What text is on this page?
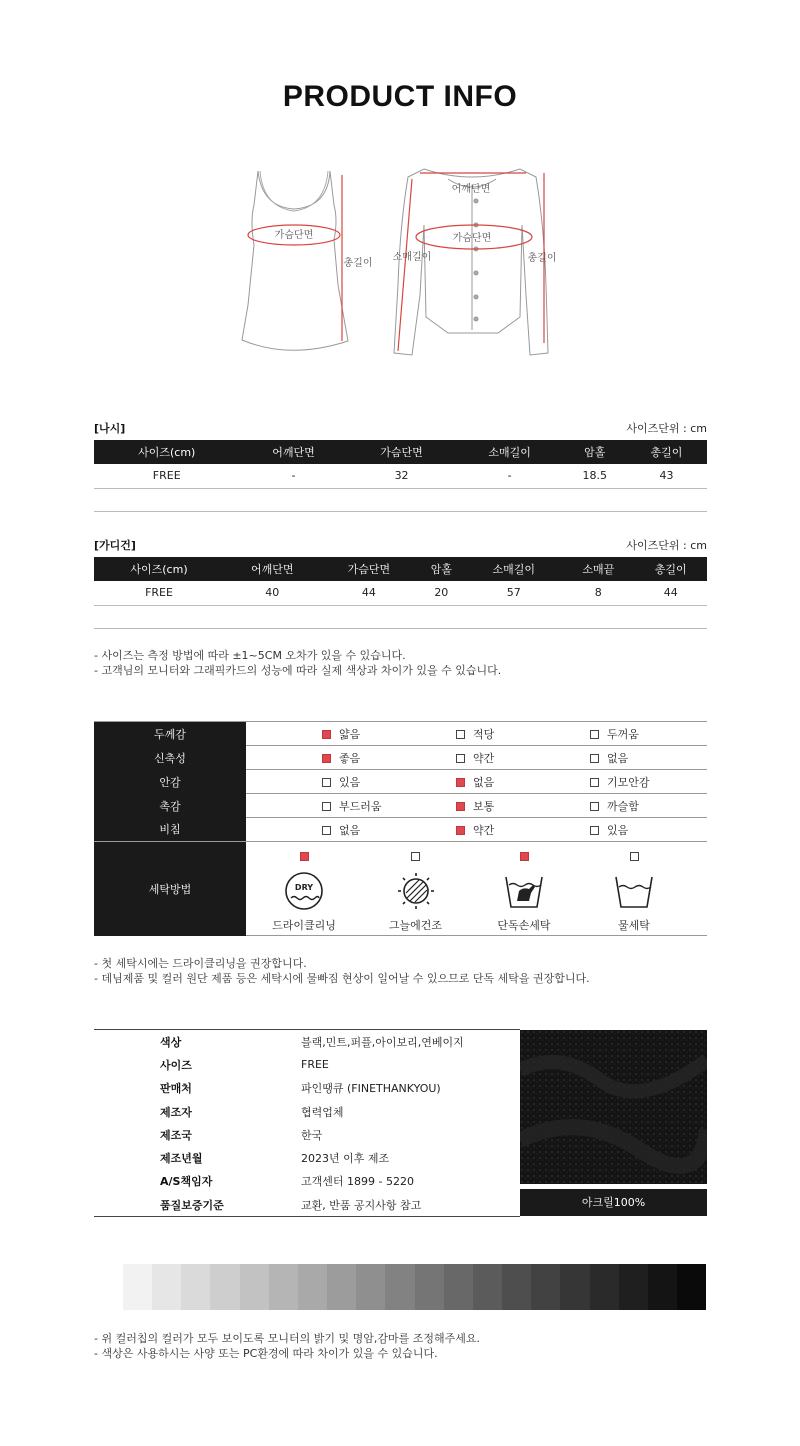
PRODUCT INFO
가슴단면
총길이
어깨단면
가슴단면
소매길이	총길이
[나시]	사이즈단위 : cm
사이즈(cm)	어깨단면	가슴단면	소매길이	암홀	총길이
FREE	-	32	-	18.5	43

[가디건]	사이즈단위 : cm
사이즈(cm)	어깨단면	가슴단면	암홀	소매길이	소매끝	총길이
FREE	40	44	20	57	8	44

- 사이즈는 측정 방법에 따라 ±1~5CM 오차가 있을 수 있습니다.
- 고객님의 모니터와 그래픽카드의 성능에 따라 실제 색상과 차이가 있을 수 있습니다.
두께감	얇음	적당	두꺼움
신축성	좋음	약간	없음
안감	있음	없음	기모안감
촉감	부드러움	보통	까슬함
비침	없음	약간	있음
세탁방법	DRY
드라이클리닝 그늘에건조 단독손세탁 물세탁		
- 첫 세탁시에는 드라이클리닝을 권장합니다.
- 데님제품 및 컬러 원단 제품 등은 세탁시에 물빠짐 현상이 일어날 수 있으므로 단독 세탁을 권장합니다.
색상	블랙,민트,퍼플,아이보리,연베이지
사이즈	FREE
판매처	파인땡큐 (FINETHANKYOU)
제조자	협력업체
제조국	한국
제조년월	2023년 이후 제조
A/S책임자	고객센터 1899 - 5220
품질보증기준	교환, 반품 공지사항 참고	아크릴100%
- 위 컬러칩의 컬러가 모두 보이도록 모니터의 밝기 및 명암,감마를 조정해주세요.
- 색상은 사용하시는 사양 또는 PC환경에 따라 차이가 있을 수 있습니다.
